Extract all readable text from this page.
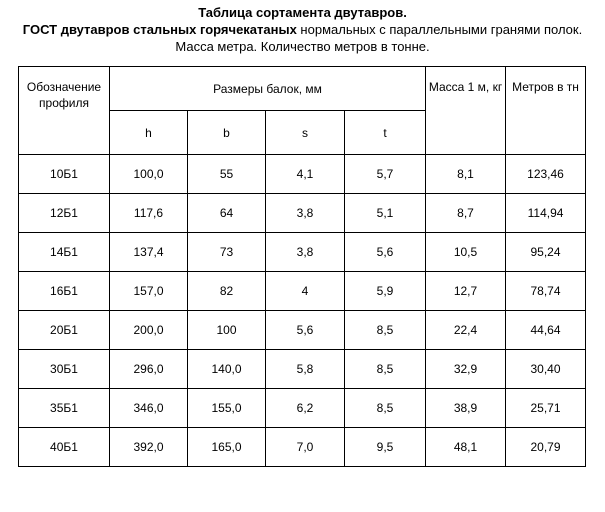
Таблица сортамента двутавров.
ГОСТ двутавров стальных горячекатаных нормальных с параллельными гранями полок.
Масса метра. Количество метров в тонне.
Обозначение профиля	Размеры балок, мм				Масса 1 м, кг	Метров в тн
	h	b	s	t		
10Б1	100,0	55	4,1	5,7	8,1	123,46
12Б1	117,6	64	3,8	5,1	8,7	114,94
14Б1	137,4	73	3,8	5,6	10,5	95,24
16Б1	157,0	82	4	5,9	12,7	78,74
20Б1	200,0	100	5,6	8,5	22,4	44,64
30Б1	296,0	140,0	5,8	8,5	32,9	30,40
35Б1	346,0	155,0	6,2	8,5	38,9	25,71
40Б1	392,0	165,0	7,0	9,5	48,1	20,79
